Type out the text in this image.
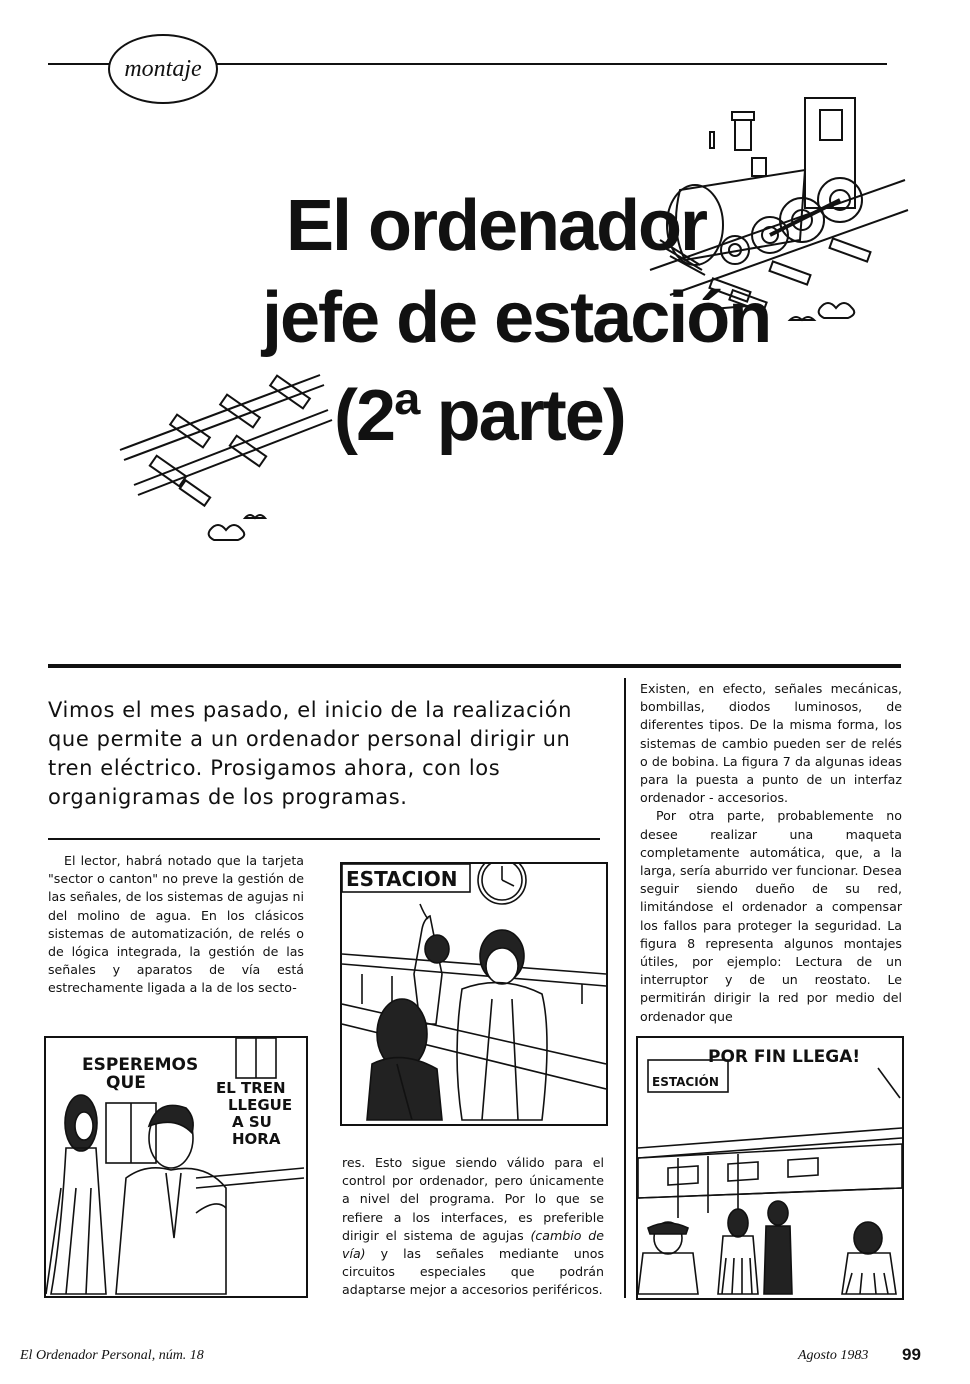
montaje
El ordenador
jefe de estación
(2ª parte)
Vimos el mes pasado, el inicio de la realización que permite a un ordenador personal dirigir un tren eléctrico. Prosigamos ahora, con los organigramas de los programas.

El lector, habrá notado que la tarjeta "sector o canton" no preve la gestión de las señales, de los sistemas de agujas ni del molino de agua. En los clásicos sistemas de automatización, de relés o de lógica integrada, la gestión de las señales y aparatos de vía está estrechamente ligada a la de los secto-

res. Esto sigue siendo válido para el control por ordenador, pero únicamente a nivel del programa. Por lo que se refiere a los interfaces, es preferible dirigir el sistema de agujas (cambio de vía) y las señales mediante unos circuitos especiales que podrán adaptarse mejor a accesorios periféricos.

Existen, en efecto, señales mecánicas, bombillas, diodos luminosos, de diferentes tipos. De la misma forma, los sistemas de cambio pueden ser de relés o de bobina. La figura 7 da algunas ideas para la puesta a punto de un interfaz ordenador - accesorios.

Por otra parte, probablemente no desee realizar una maqueta completamente automática, que, a la larga, sería aburrido ver funcionar. Desea seguir siendo dueño de su red, limitándose el ordenador a compensar los fallos para proteger la seguridad. La figura 8 representa algunos montajes útiles, por ejemplo: Lectura de un interruptor y de un reostato. Le permitirán dirigir la red por medio del ordenador que

ESPEREMOS
QUE	EL TREN
LLEGUE
A SU
HORA
ESTACION
POR FIN LLEGA!
ESTACIÓN
El Ordenador Personal, núm. 18	Agosto 1983 99
